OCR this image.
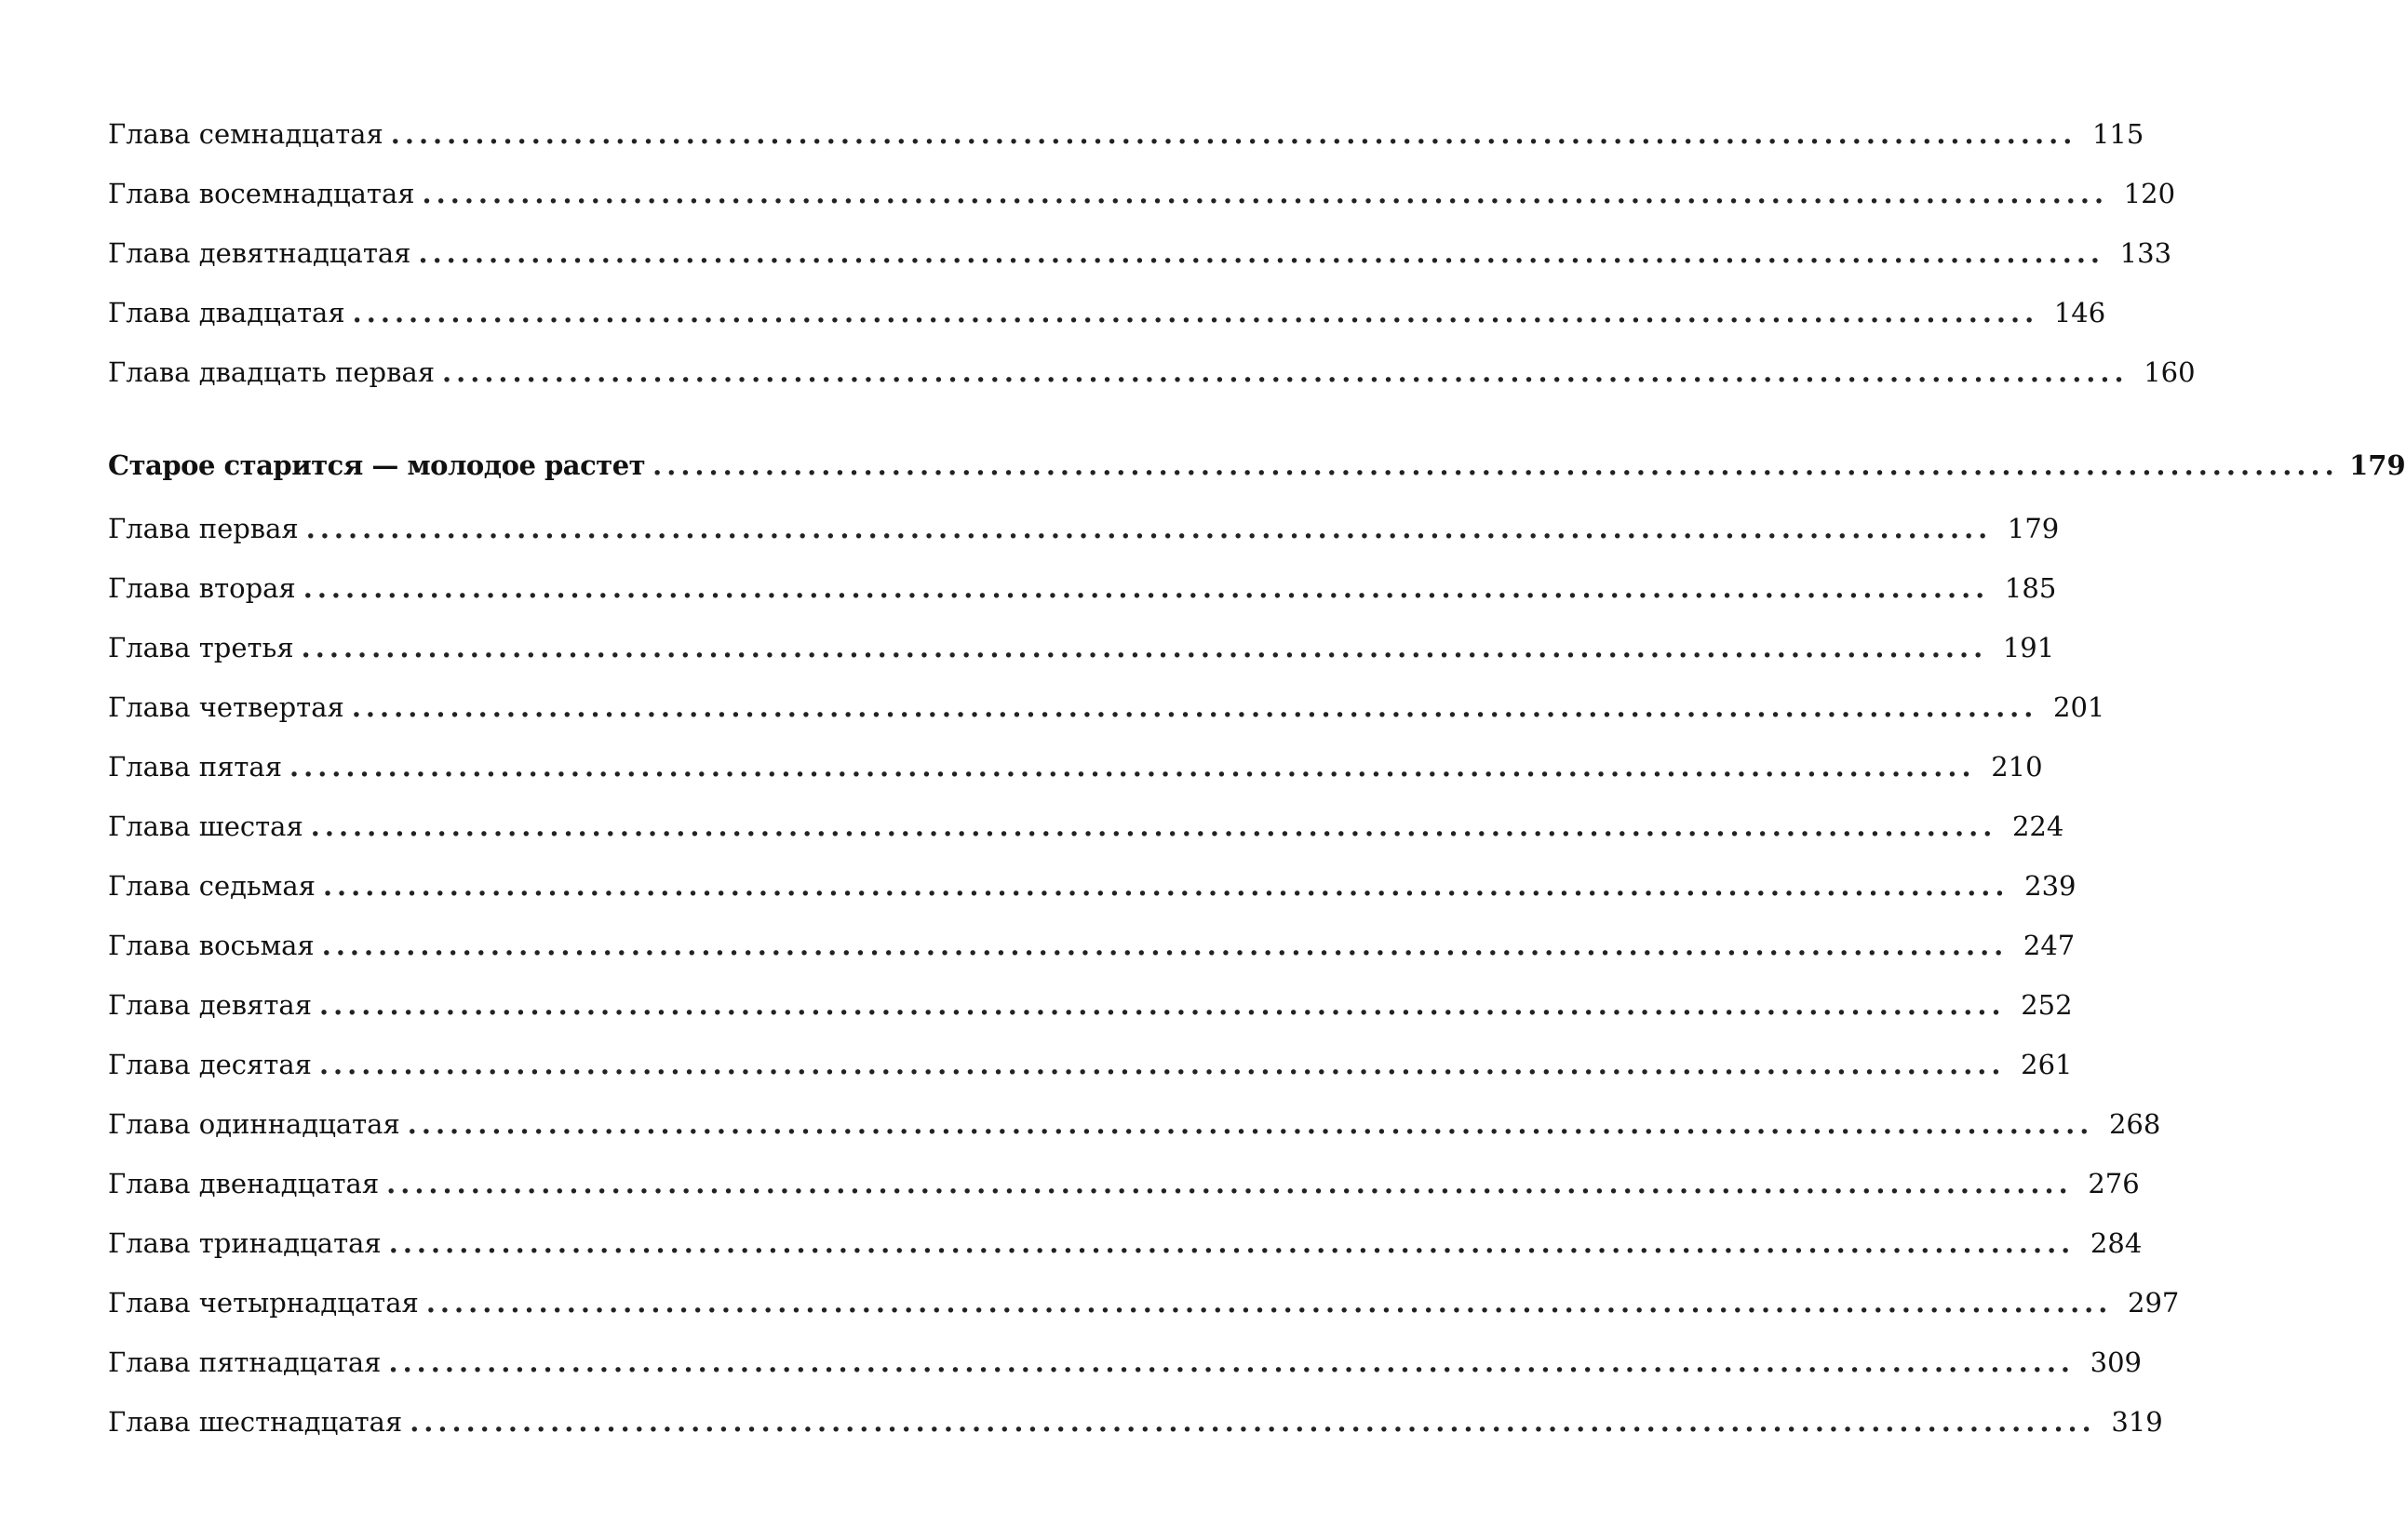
Глава семнадцатая ........................................................................................................................ 115
Глава восемнадцатая ........................................................................................................................ 120
Глава девятнадцатая ........................................................................................................................ 133
Глава двадцатая ........................................................................................................................ 146
Глава двадцать первая ........................................................................................................................ 160
Старое старится — молодое растет ........................................................................................................................ 179
Глава первая ........................................................................................................................ 179
Глава вторая ........................................................................................................................ 185
Глава третья ........................................................................................................................ 191
Глава четвертая ........................................................................................................................ 201
Глава пятая ........................................................................................................................ 210
Глава шестая ........................................................................................................................ 224
Глава седьмая ........................................................................................................................ 239
Глава восьмая ........................................................................................................................ 247
Глава девятая ........................................................................................................................ 252
Глава десятая ........................................................................................................................ 261
Глава одиннадцатая ........................................................................................................................ 268
Глава двенадцатая ........................................................................................................................ 276
Глава тринадцатая ........................................................................................................................ 284
Глава четырнадцатая ........................................................................................................................ 297
Глава пятнадцатая ........................................................................................................................ 309
Глава шестнадцатая ........................................................................................................................ 319
